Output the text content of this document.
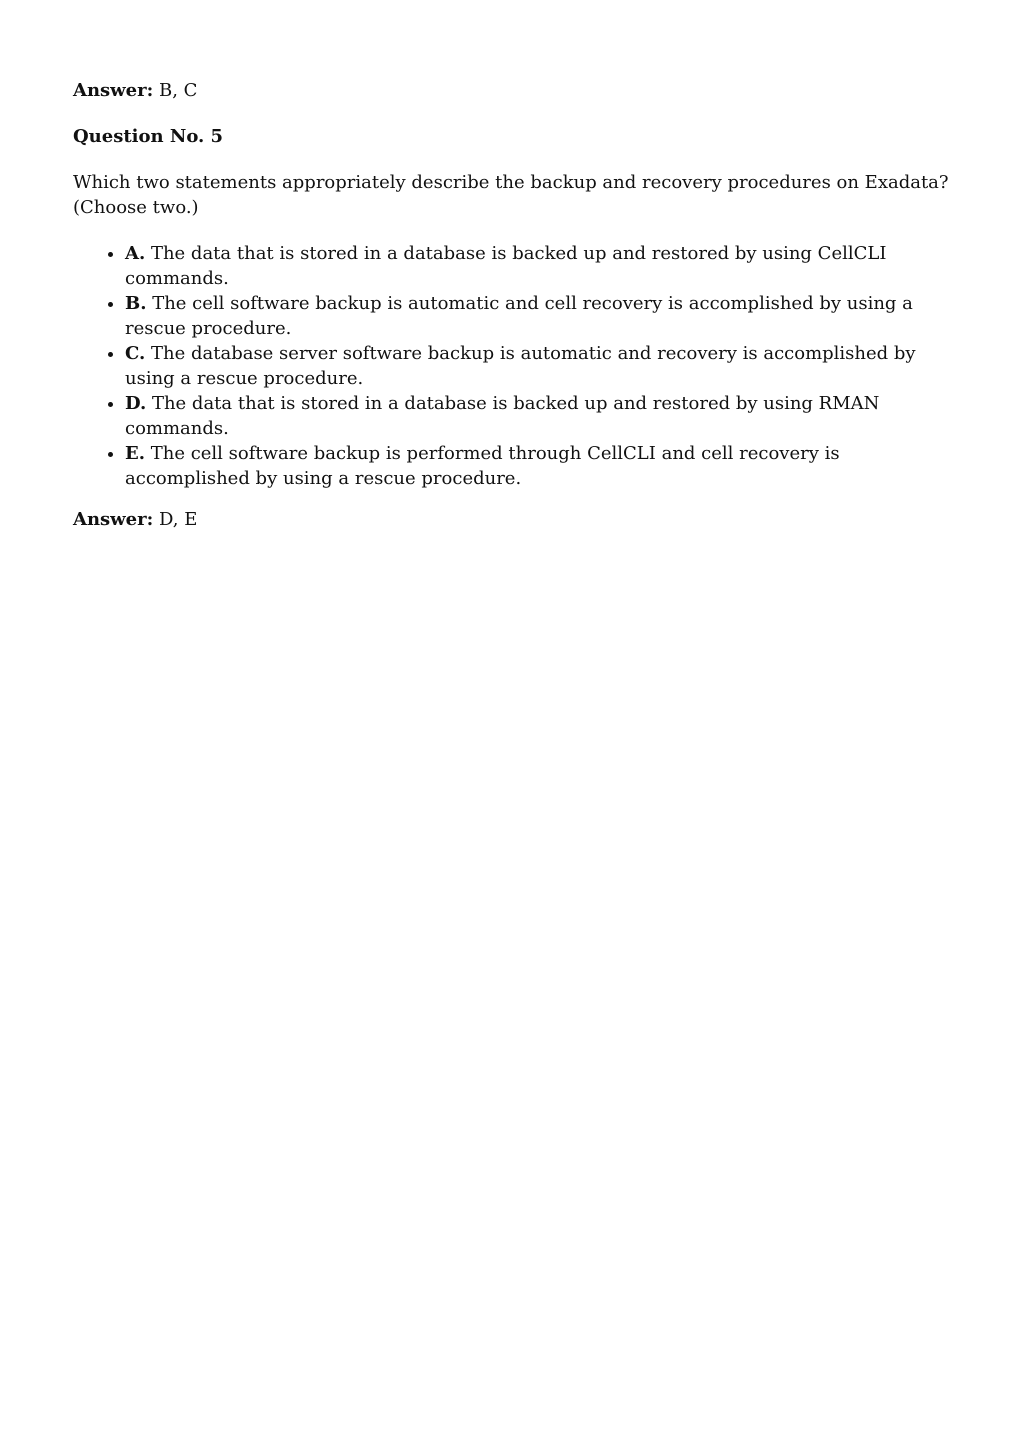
Answer: B, C

Question No. 5

Which two statements appropriately describe the backup and recovery procedures on Exadata?
(Choose two.)

• A. The data that is stored in a database is backed up and restored by using CellCLI commands.
• B. The cell software backup is automatic and cell recovery is accomplished by using a rescue procedure.
• C. The database server software backup is automatic and recovery is accomplished by using a rescue procedure.
• D. The data that is stored in a database is backed up and restored by using RMAN commands.
• E. The cell software backup is performed through CellCLI and cell recovery is accomplished by using a rescue procedure.

Answer: D, E
